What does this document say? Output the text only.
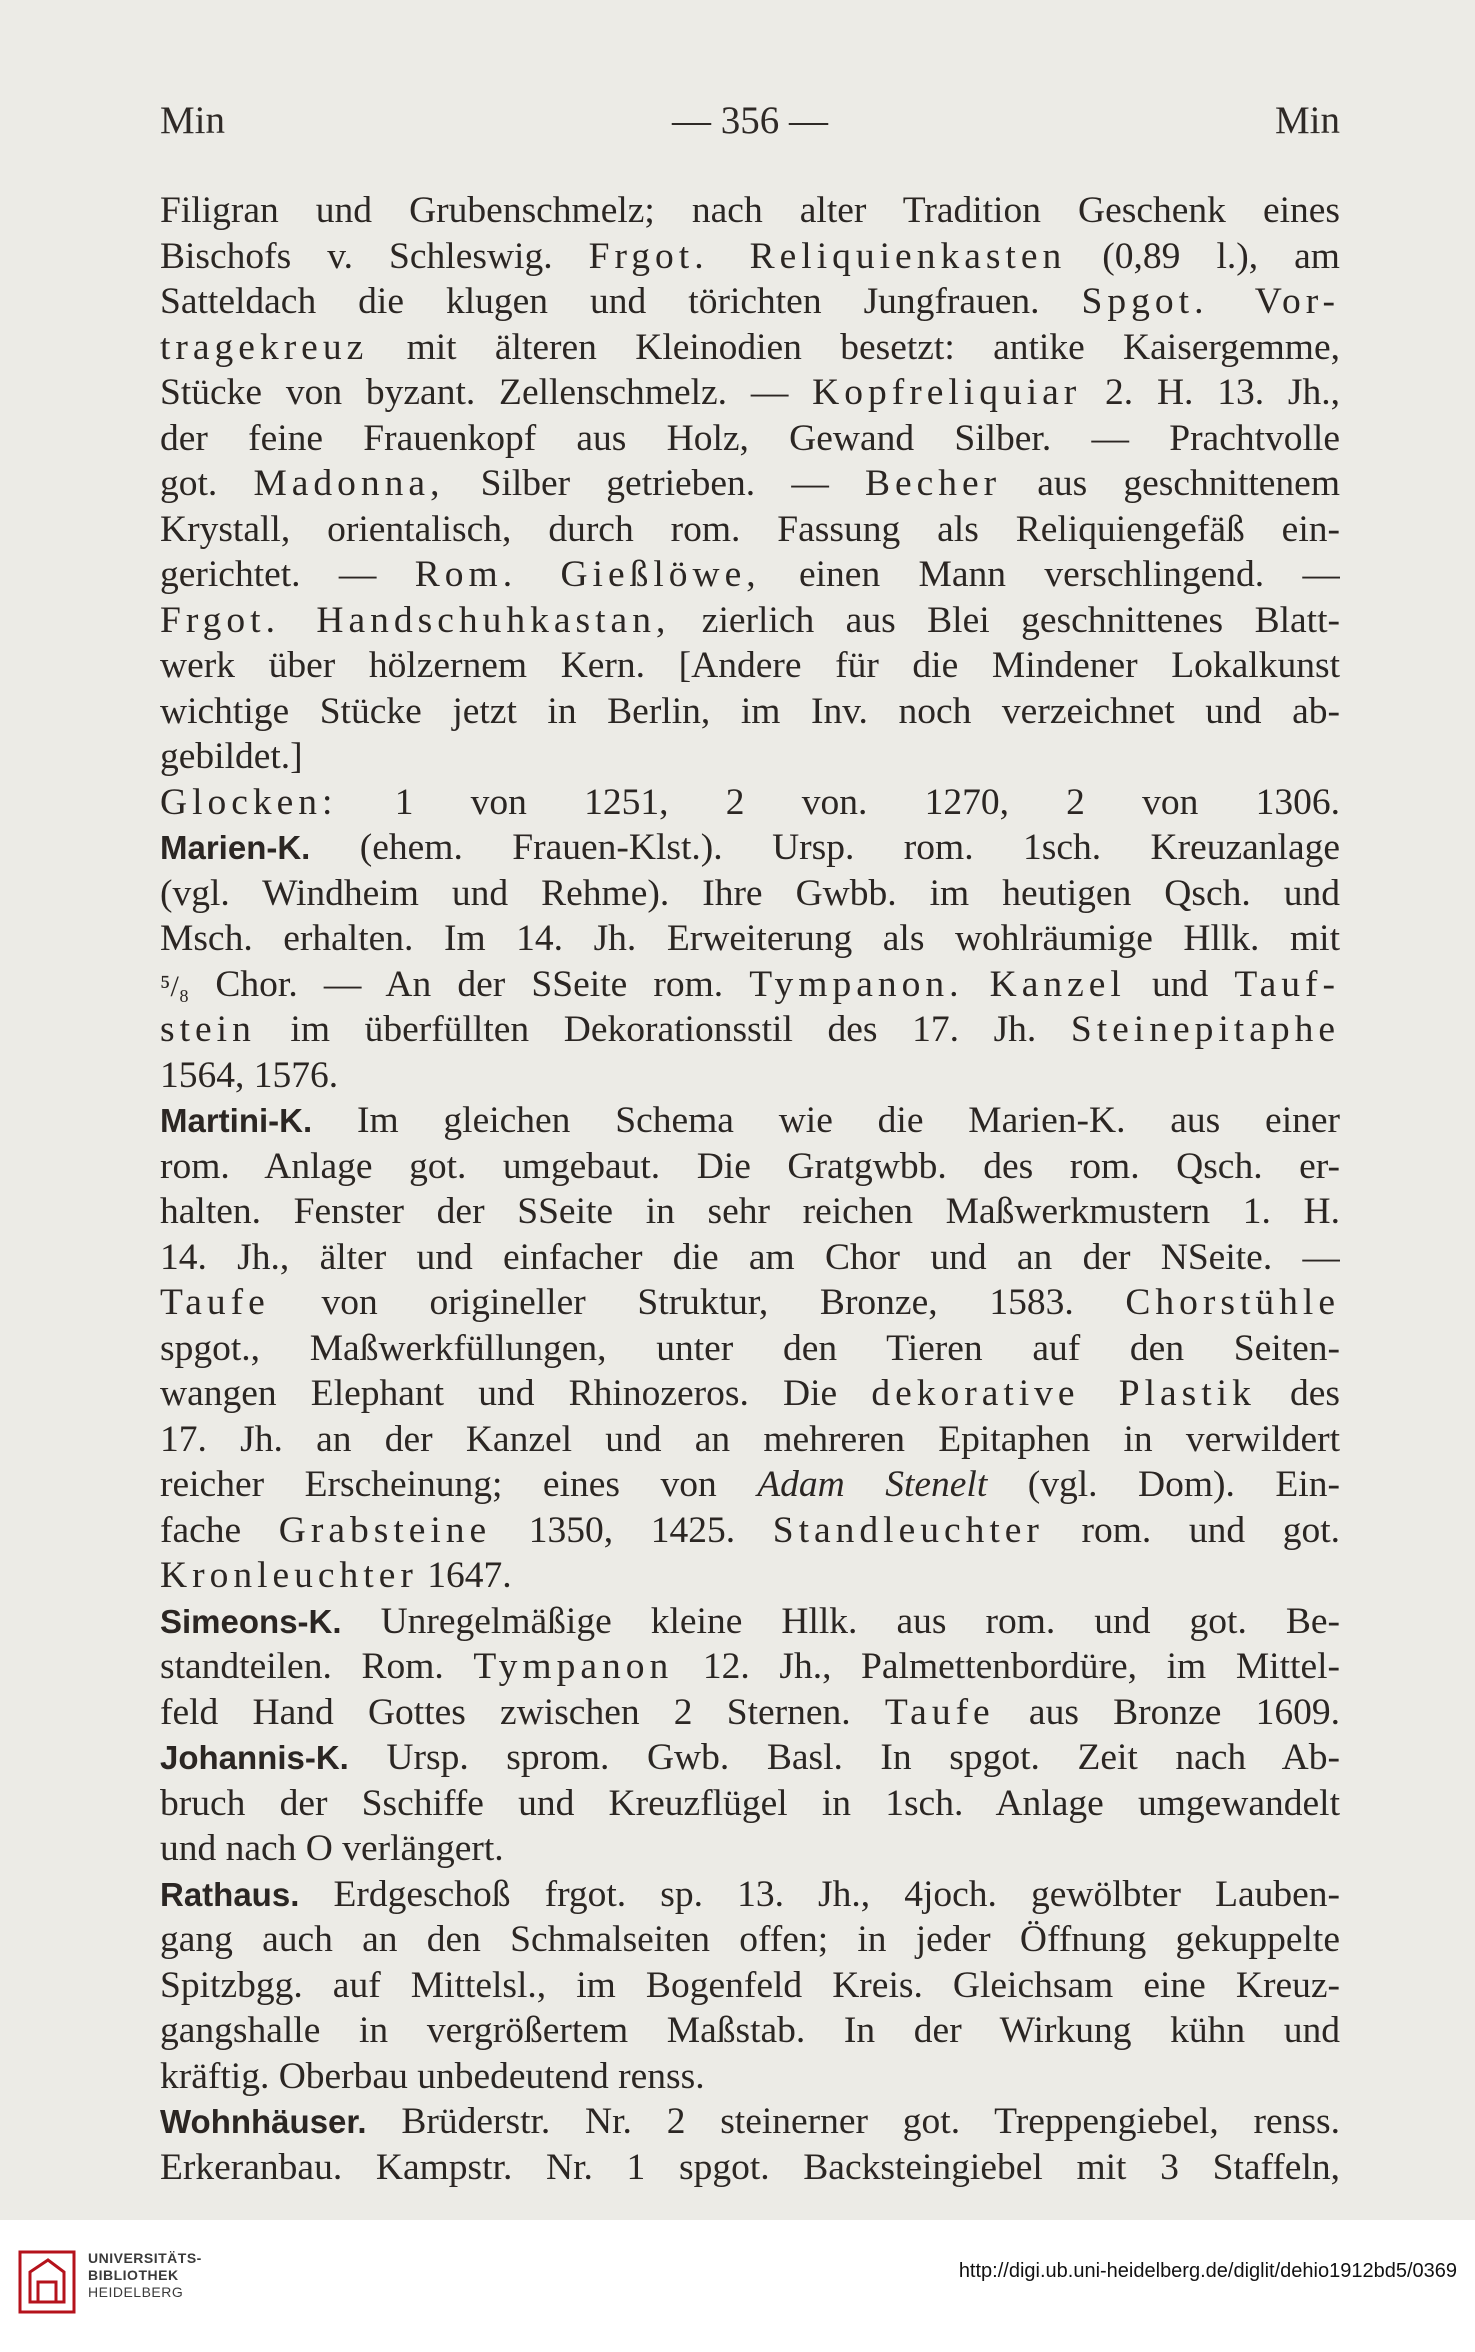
Min	— 356 —	Min
Filigran und Grubenschmelz; nach alter Tradition Geschenk eines
Bischofs v. Schleswig. Frgot. Reliquienkasten (0,89 l.), am
Satteldach die klugen und törichten Jungfrauen. Spgot. Vor-
tragekreuz mit älteren Kleinodien besetzt: antike Kaisergemme,
Stücke von byzant. Zellenschmelz. — Kopfreliquiar 2. H. 13. Jh.,
der feine Frauenkopf aus Holz, Gewand Silber. — Prachtvolle
got. Madonna, Silber getrieben. — Becher aus geschnittenem
Krystall, orientalisch, durch rom. Fassung als Reliquiengefäß ein-
gerichtet. — Rom. Gießlöwe, einen Mann verschlingend. —
Frgot. Handschuhkastan, zierlich aus Blei geschnittenes Blatt-
werk über hölzernem Kern. [Andere für die Mindener Lokalkunst
wichtige Stücke jetzt in Berlin, im Inv. noch verzeichnet und ab-
gebildet.]
Glocken: 1 von 1251, 2 von. 1270, 2 von 1306.
Marien-K. (ehem. Frauen-Klst.). Ursp. rom. 1sch. Kreuzanlage
(vgl. Windheim und Rehme). Ihre Gwbb. im heutigen Qsch. und
Msch. erhalten. Im 14. Jh. Erweiterung als wohlräumige Hllk. mit
⁵/₈ Chor. — An der SSeite rom. Tympanon. Kanzel und Tauf-
stein im überfüllten Dekorationsstil des 17. Jh. Steinepitaphe
1564, 1576.
Martini-K. Im gleichen Schema wie die Marien-K. aus einer
rom. Anlage got. umgebaut. Die Gratgwbb. des rom. Qsch. er-
halten. Fenster der SSeite in sehr reichen Maßwerkmustern 1. H.
14. Jh., älter und einfacher die am Chor und an der NSeite. —
Taufe von origineller Struktur, Bronze, 1583. Chorstühle
spgot., Maßwerkfüllungen, unter den Tieren auf den Seiten-
wangen Elephant und Rhinozeros. Die dekorative Plastik des
17. Jh. an der Kanzel und an mehreren Epitaphen in verwildert
reicher Erscheinung; eines von Adam Stenelt (vgl. Dom). Ein-
fache Grabsteine 1350, 1425. Standleuchter rom. und got.
Kronleuchter 1647.
Simeons-K. Unregelmäßige kleine Hllk. aus rom. und got. Be-
standteilen. Rom. Tympanon 12. Jh., Palmettenbordüre, im Mittel-
feld Hand Gottes zwischen 2 Sternen. Taufe aus Bronze 1609.
Johannis-K. Ursp. sprom. Gwb. Basl. In spgot. Zeit nach Ab-
bruch der Sschiffe und Kreuzflügel in 1sch. Anlage umgewandelt
und nach O verlängert.
Rathaus. Erdgeschoß frgot. sp. 13. Jh., 4joch. gewölbter Lauben-
gang auch an den Schmalseiten offen; in jeder Öffnung gekuppelte
Spitzbgg. auf Mittelsl., im Bogenfeld Kreis. Gleichsam eine Kreuz-
gangshalle in vergrößertem Maßstab. In der Wirkung kühn und
kräftig. Oberbau unbedeutend renss.
Wohnhäuser. Brüderstr. Nr. 2 steinerner got. Treppengiebel, renss.
Erkeranbau. Kampstr. Nr. 1 spgot. Backsteingiebel mit 3 Staffeln,
UNIVERSITÄTS-
BIBLIOTHEK
HEIDELBERG
http://digi.ub.uni-heidelberg.de/diglit/dehio1912bd5/0369
